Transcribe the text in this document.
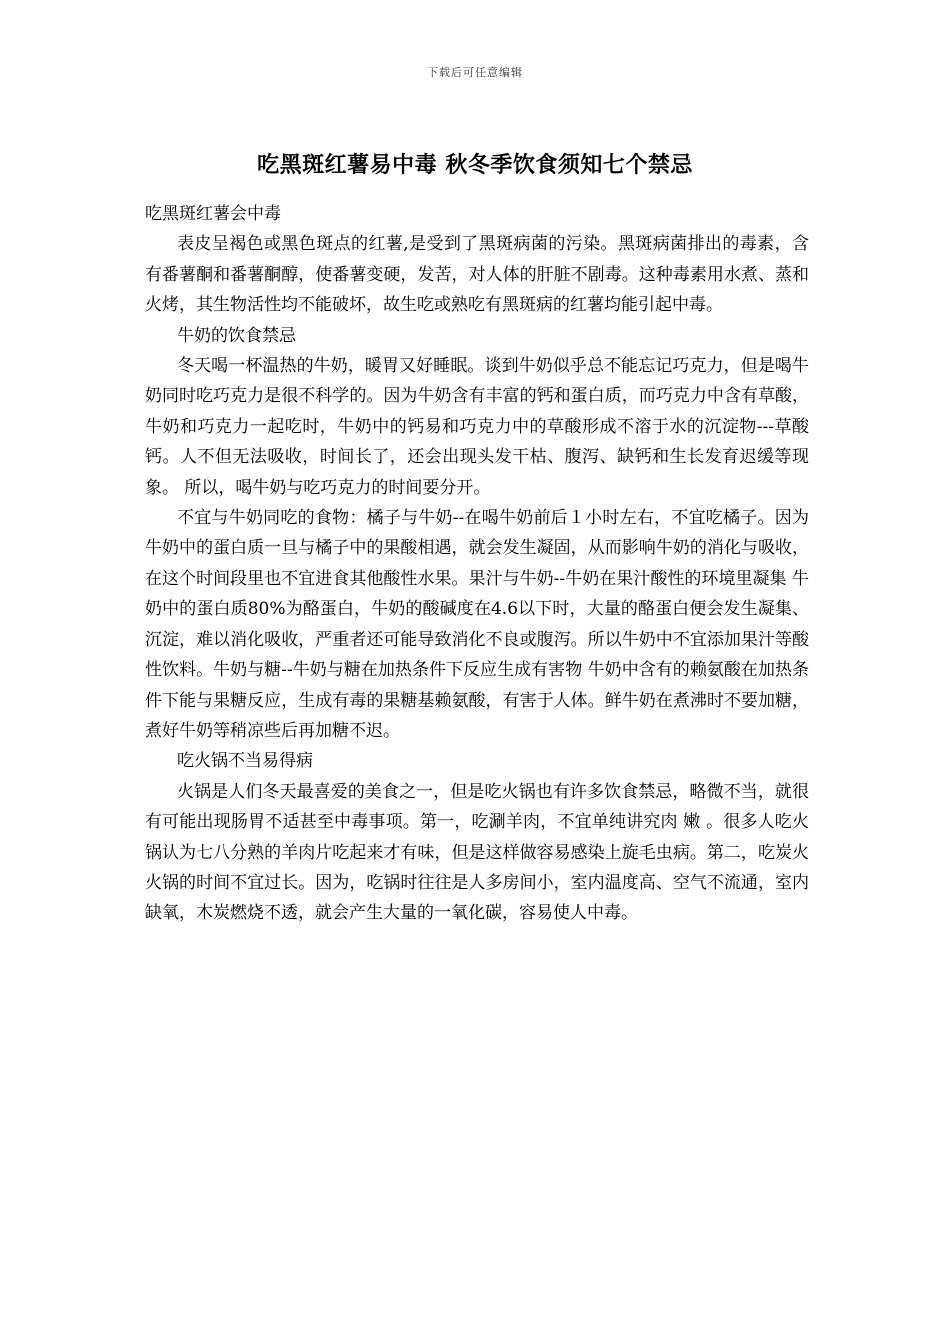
下载后可任意编辑
吃黑斑红薯易中毒 秋冬季饮食须知七个禁忌

吃黑斑红薯会中毒

表皮呈褐色或黑色斑点的红薯,是受到了黑斑病菌的污染。黑斑病菌排出的毒素，含有番薯酮和番薯酮醇，使番薯变硬，发苦，对人体的肝脏不剧毒。这种毒素用水煮、蒸和火烤，其生物活性均不能破坏，故生吃或熟吃有黑斑病的红薯均能引起中毒。

牛奶的饮食禁忌

冬天喝一杯温热的牛奶，暖胃又好睡眠。谈到牛奶似乎总不能忘记巧克力，但是喝牛奶同时吃巧克力是很不科学的。因为牛奶含有丰富的钙和蛋白质，而巧克力中含有草酸，牛奶和巧克力一起吃时，牛奶中的钙易和巧克力中的草酸形成不溶于水的沉淀物---草酸钙。人不但无法吸收，时间长了，还会出现头发干枯、腹泻、缺钙和生长发育迟缓等现象。 所以，喝牛奶与吃巧克力的时间要分开。

不宜与牛奶同吃的食物：橘子与牛奶--在喝牛奶前后１小时左右，不宜吃橘子。因为牛奶中的蛋白质一旦与橘子中的果酸相遇，就会发生凝固，从而影响牛奶的消化与吸收，在这个时间段里也不宜进食其他酸性水果。果汁与牛奶--牛奶在果汁酸性的环境里凝集 牛奶中的蛋白质80%为酪蛋白，牛奶的酸碱度在4.6以下时，大量的酪蛋白便会发生凝集、沉淀，难以消化吸收，严重者还可能导致消化不良或腹泻。所以牛奶中不宜添加果汁等酸性饮料。牛奶与糖--牛奶与糖在加热条件下反应生成有害物 牛奶中含有的赖氨酸在加热条件下能与果糖反应，生成有毒的果糖基赖氨酸，有害于人体。鲜牛奶在煮沸时不要加糖，煮好牛奶等稍凉些后再加糖不迟。

吃火锅不当易得病

火锅是人们冬天最喜爱的美食之一，但是吃火锅也有许多饮食禁忌，略微不当，就很有可能出现肠胃不适甚至中毒事项。第一，吃涮羊肉，不宜单纯讲究肉 嫩 。很多人吃火锅认为七八分熟的羊肉片吃起来才有味，但是这样做容易感染上旋毛虫病。第二，吃炭火火锅的时间不宜过长。因为，吃锅时往往是人多房间小，室内温度高、空气不流通，室内缺氧，木炭燃烧不透，就会产生大量的一氧化碳，容易使人中毒。
